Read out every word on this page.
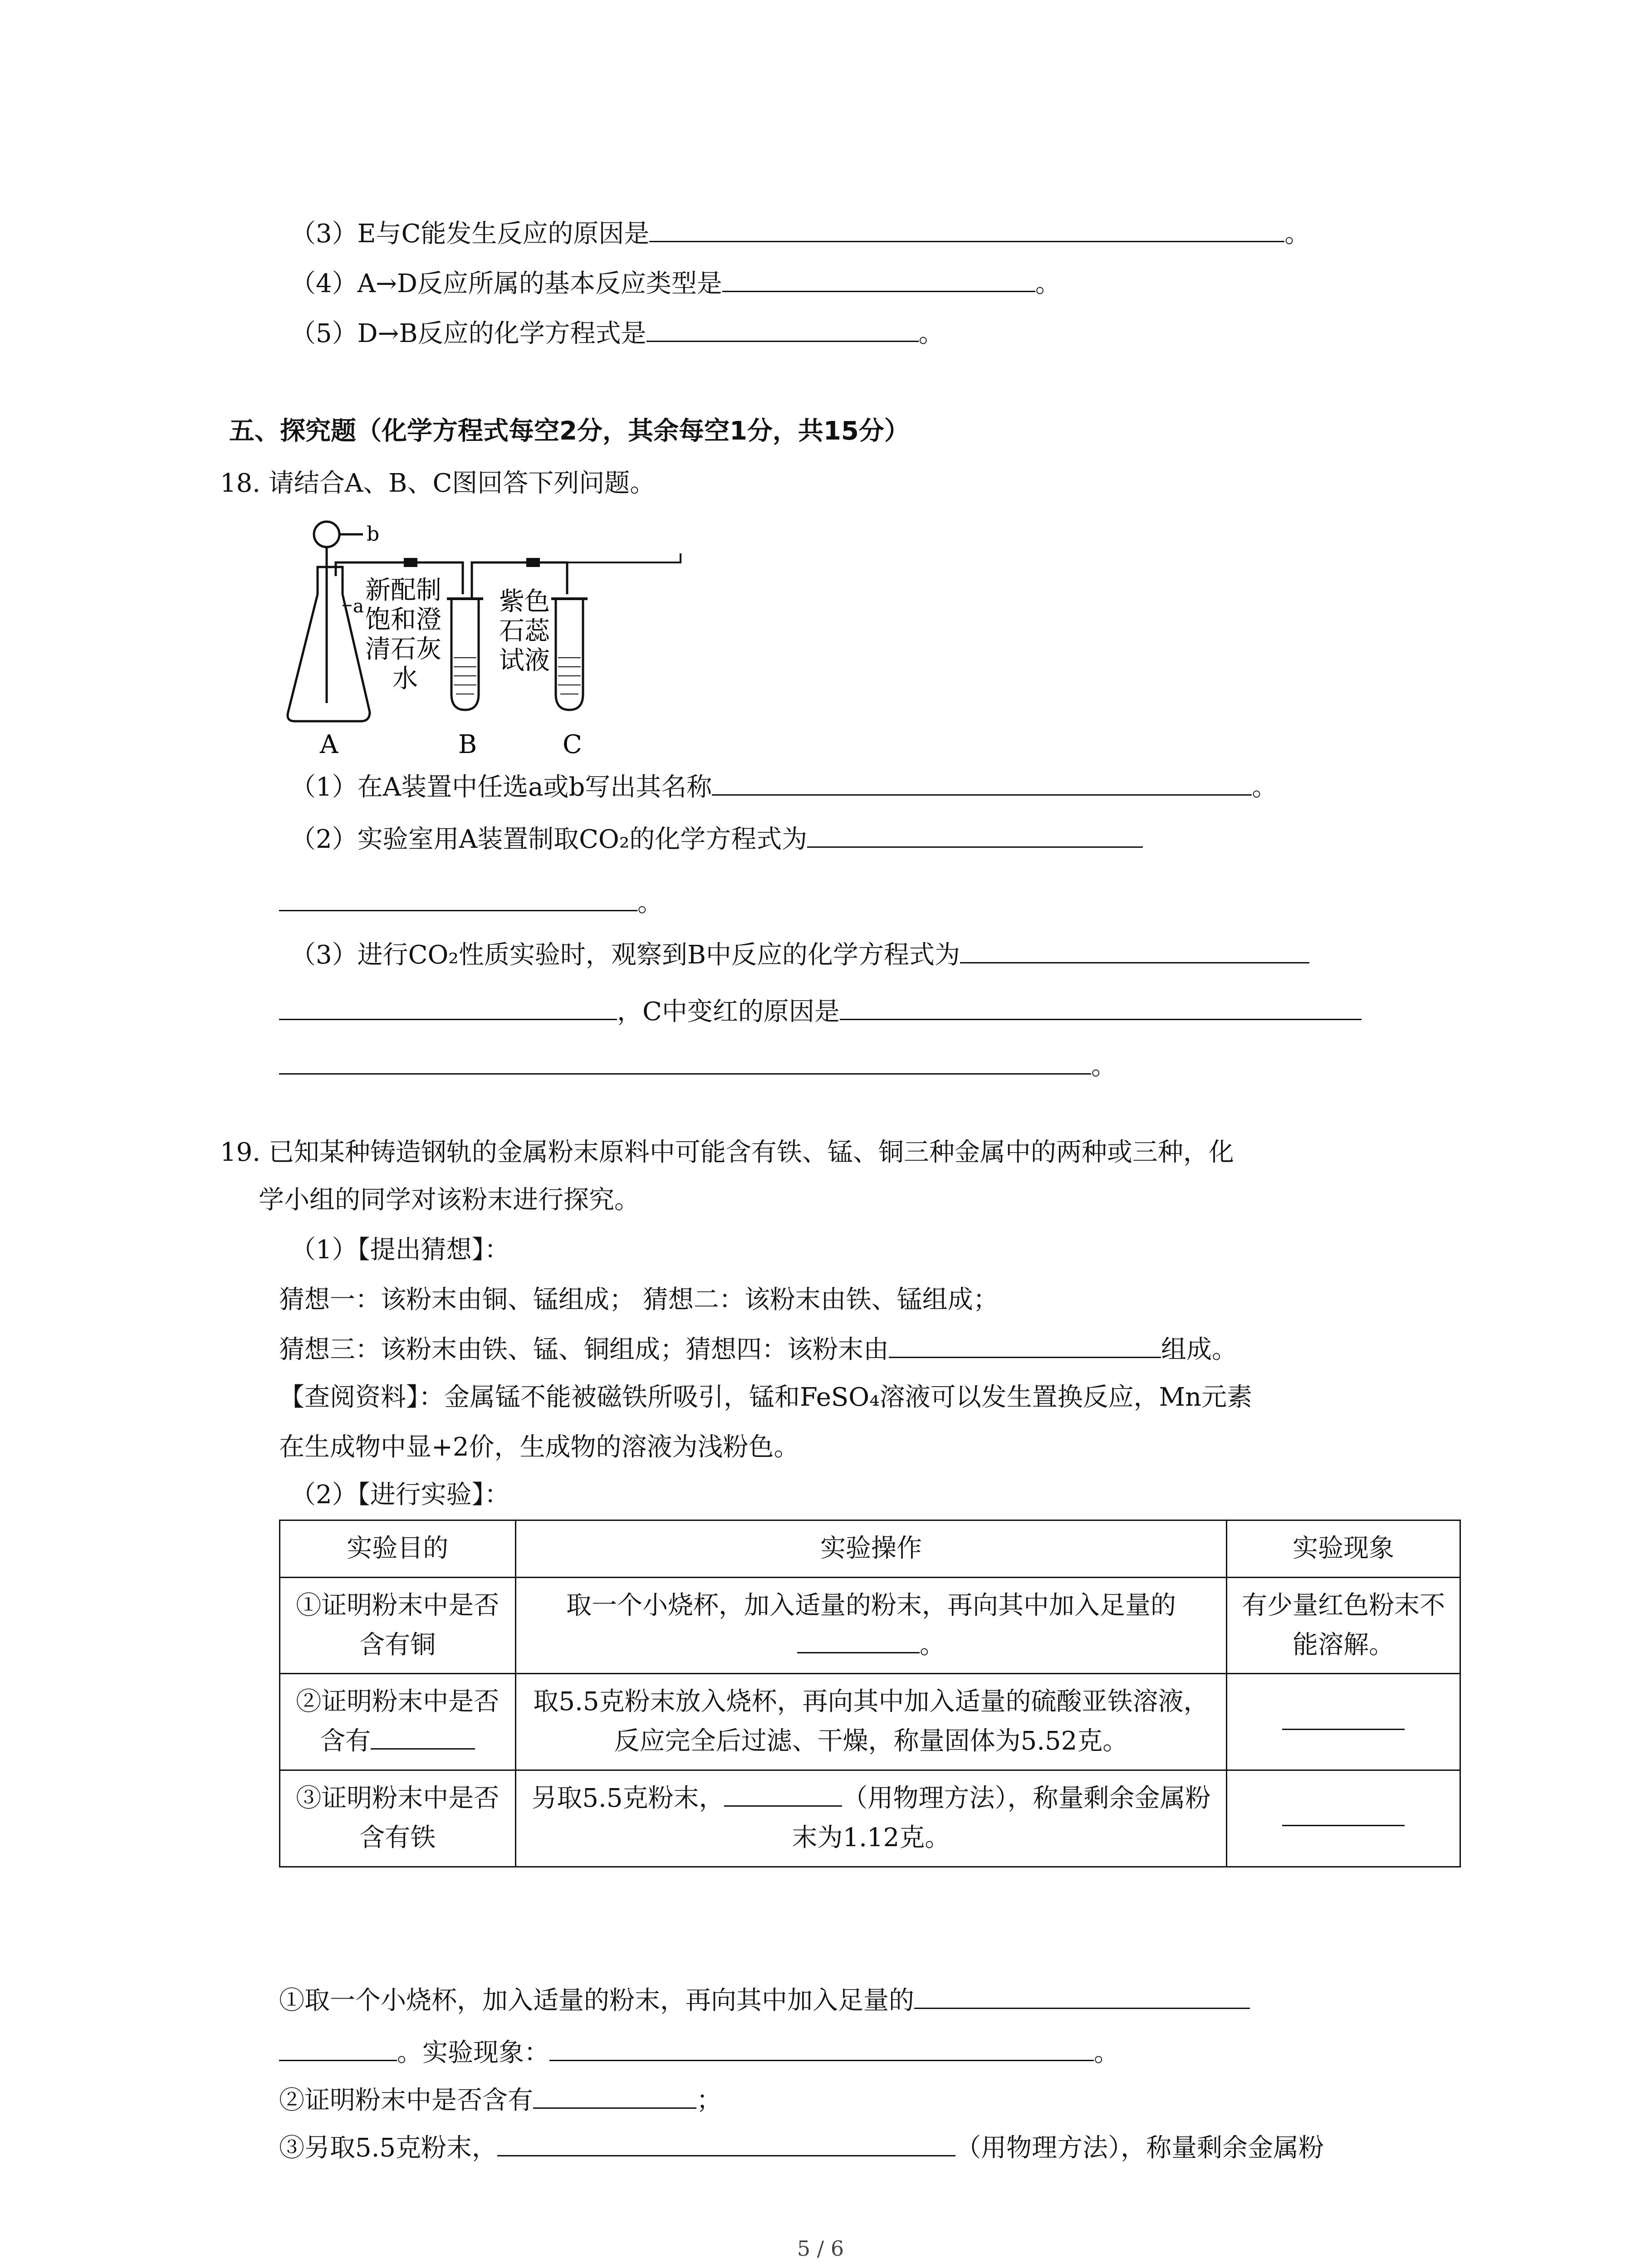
（3）E与C能发生反应的原因是	。
（4）A→D反应所属的基本反应类型是	。
（5）D→B反应的化学方程式是	。
五、探究题（化学方程式每空2分，其余每空1分，共15分）
18. 请结合A、B、C图回答下列问题。
b
a
新配制
饱和澄
清石灰
水
紫色
石蕊
试液
A	B	C
（1）在A装置中任选a或b写出其名称	。
（2）实验室用A装置制取CO₂的化学方程式为
。
（3）进行CO₂性质实验时，观察到B中反应的化学方程式为
，C中变红的原因是
。
19. 已知某种铸造钢轨的金属粉末原料中可能含有铁、锰、铜三种金属中的两种或三种，化
学小组的同学对该粉末进行探究。
（1）【提出猜想】：
猜想一：该粉末由铜、锰组成； 猜想二：该粉末由铁、锰组成；
猜想三：该粉末由铁、锰、铜组成；猜想四：该粉末由	组成。
【查阅资料】：金属锰不能被磁铁所吸引，锰和FeSO₄溶液可以发生置换反应，Mn元素
在生成物中显+2价，生成物的溶液为浅粉色。
（2）【进行实验】：
实验目的	实验操作	实验现象
①证明粉末中是否含有铜	取一个小烧杯，加入适量的粉末，再向其中加入足量的。	有少量红色粉末不能溶解。
②证明粉末中是否含有	取5.5克粉末放入烧杯，再向其中加入适量的硫酸亚铁溶液，反应完全后过滤、干燥，称量固体为5.52克。	
③证明粉末中是否含有铁	另取5.5克粉末， （用物理方法），称量剩余金属粉末为1.12克。	
①取一个小烧杯，加入适量的粉末，再向其中加入足量的
。实验现象：	。
②证明粉末中是否含有	；
③另取5.5克粉末，	（用物理方法），称量剩余金属粉
5 / 6
